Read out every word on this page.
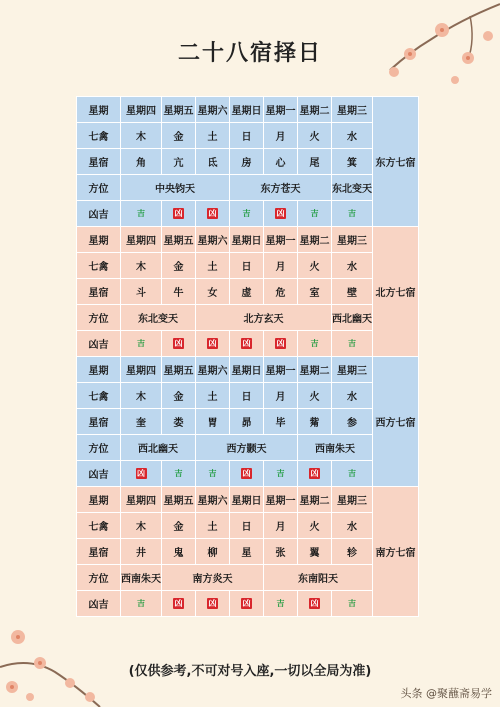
二十八宿择日
星期	星期四	星期五	星期六	星期日	星期一	星期二	星期三	东方七宿
七禽	木	金	土	日	月	火	水	
星宿	角	亢	氐	房	心	尾	箕	
方位	中央钧天			东方苍天			东北变天	
凶吉	吉	凶	凶	吉	凶	吉	吉	
星期	星期四	星期五	星期六	星期日	星期一	星期二	星期三	北方七宿
七禽	木	金	土	日	月	火	水	
星宿	斗	牛	女	虚	危	室	壁	
方位	东北变天		北方玄天				西北幽天	
凶吉	吉	凶	凶	凶	凶	吉	吉	
星期	星期四	星期五	星期六	星期日	星期一	星期二	星期三	西方七宿
七禽	木	金	土	日	月	火	水	
星宿	奎	娄	胃	昴	毕	觜	参	
方位	西北幽天		西方颢天			西南朱天		
凶吉	凶	吉	吉	凶	吉	凶	吉	
星期	星期四	星期五	星期六	星期日	星期一	星期二	星期三	南方七宿
七禽	木	金	土	日	月	火	水	
星宿	井	鬼	柳	星	张	翼	轸	
方位	西南朱天	南方炎天			东南阳天			
凶吉	吉	凶	凶	凶	吉	凶	吉	
(仅供参考,不可对号入座,一切以全局为准)
头条 @聚蘸斋易学
